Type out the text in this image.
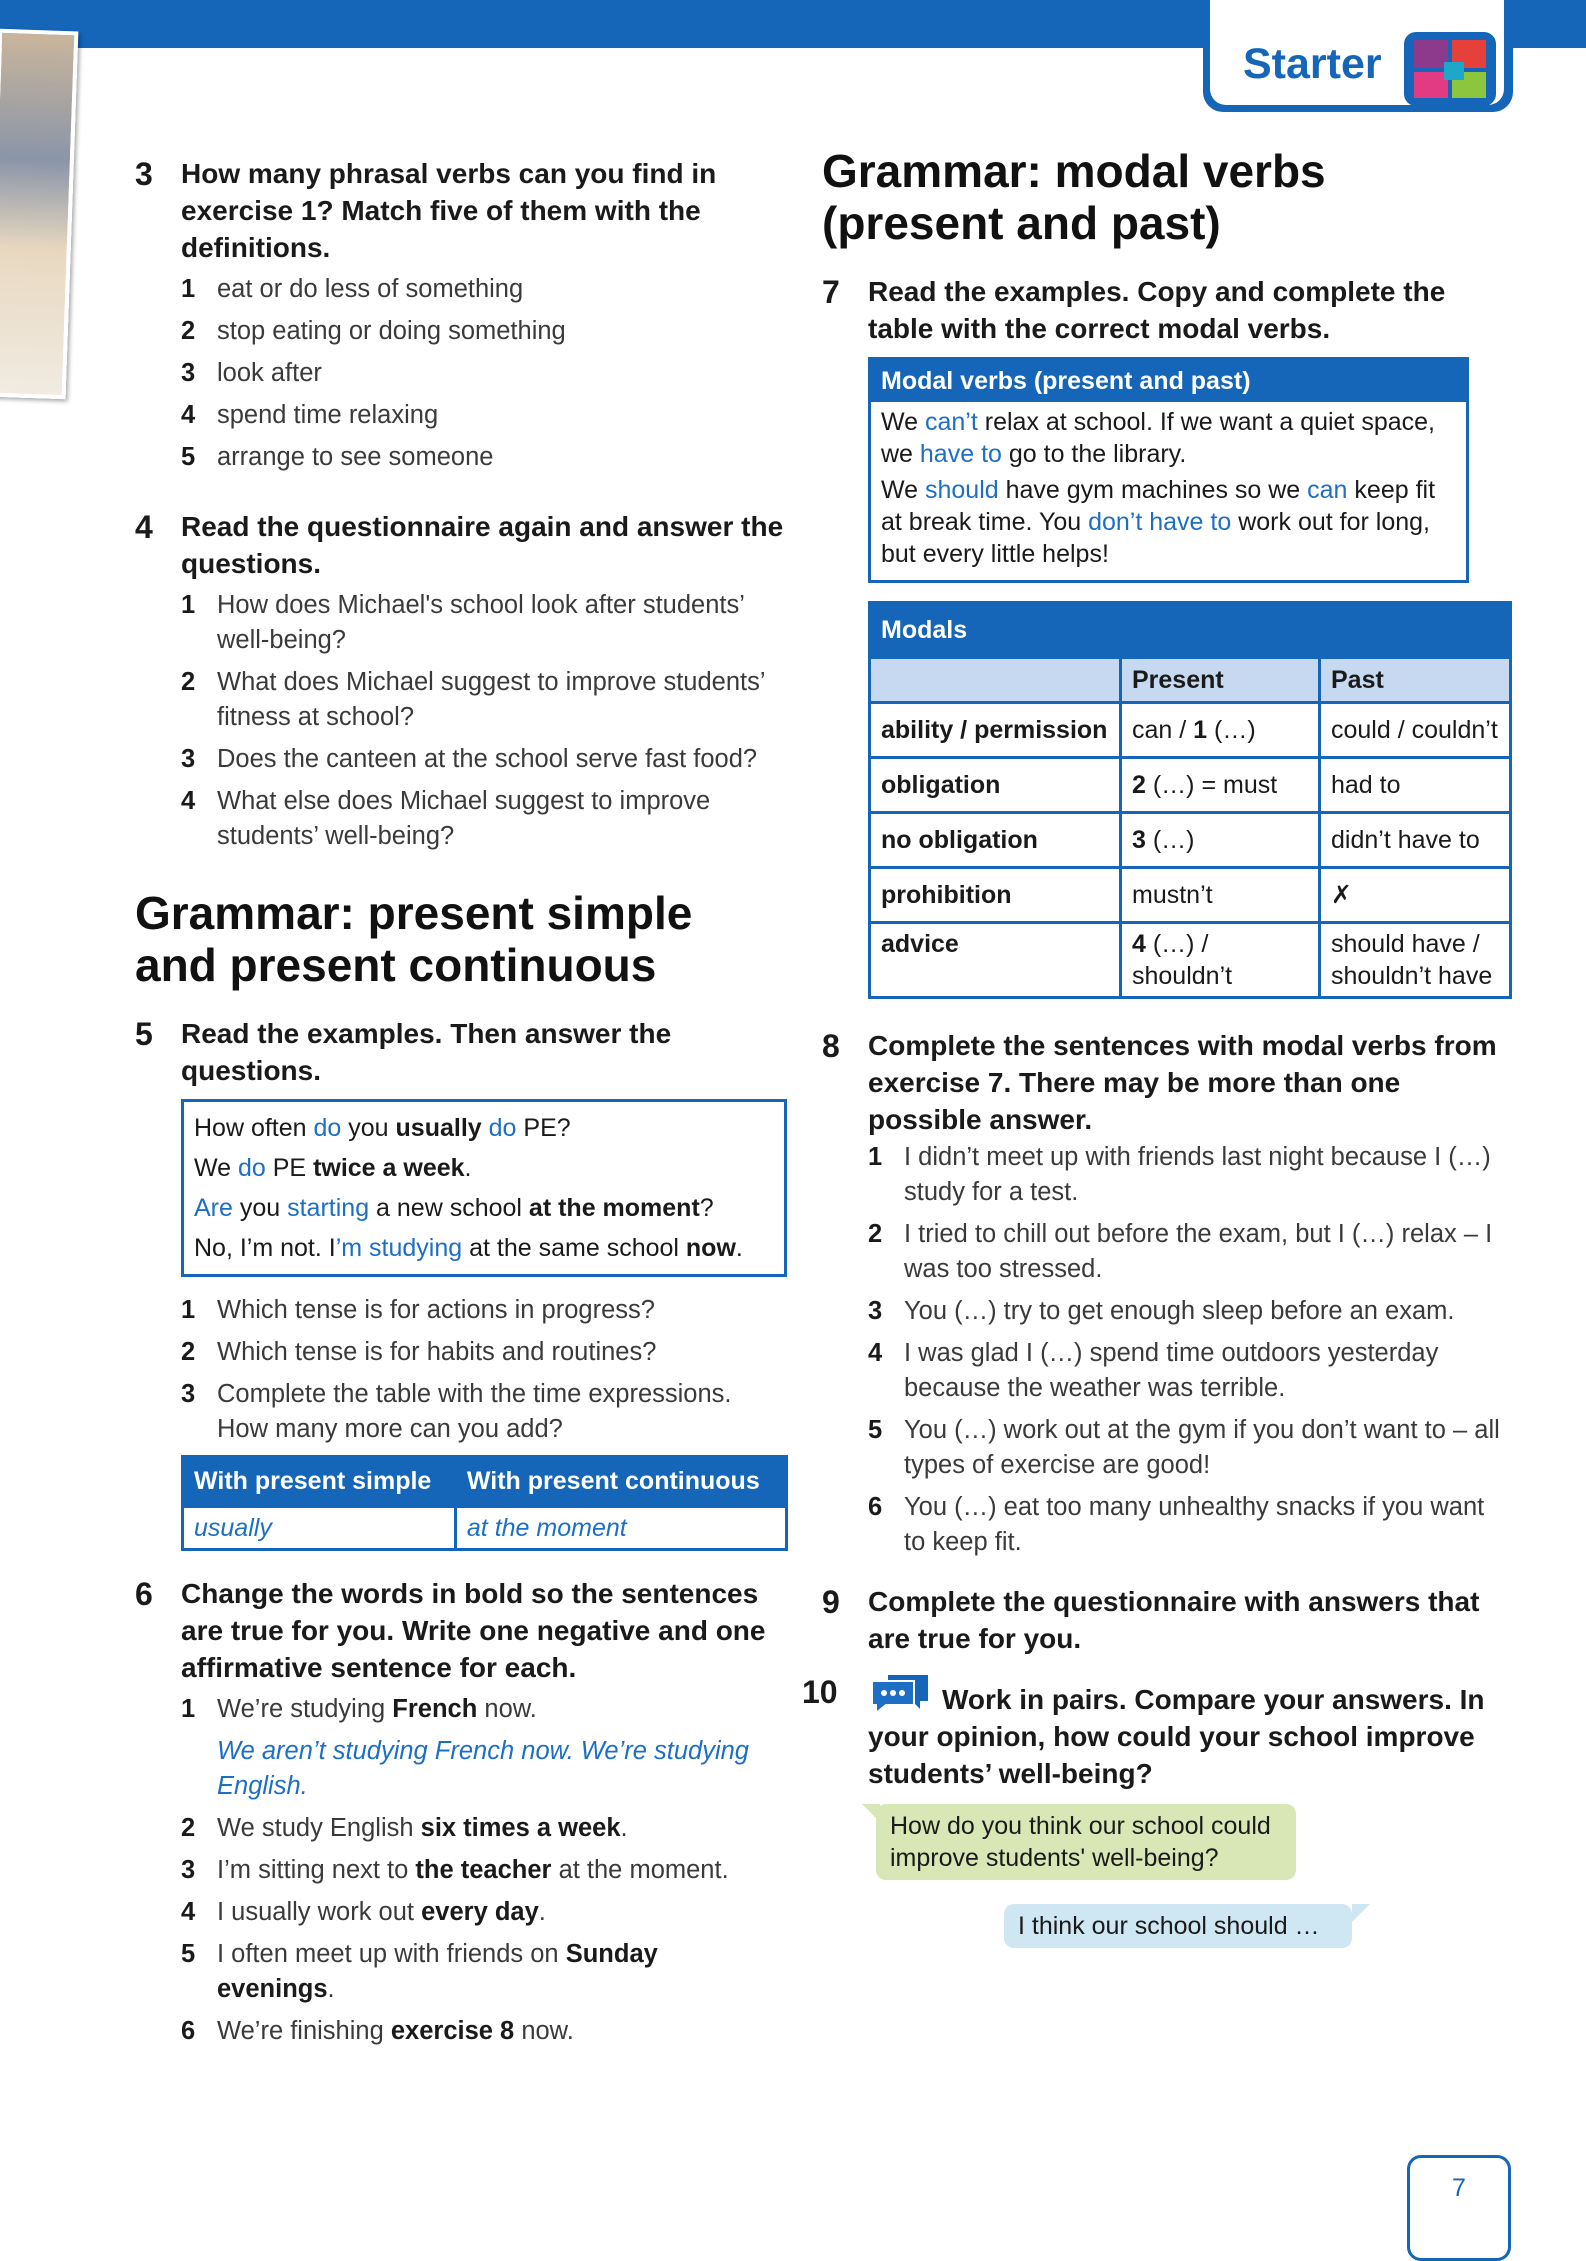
Starter
3	How many phrasal verbs can you find in exercise 1? Match five of them with the definitions.
1 eat or do less of something
2 stop eating or doing something
3 look after
4 spend time relaxing
5 arrange to see someone
4	Read the questionnaire again and answer the questions.
1 How does Michael's school look after students’ well-being?
2 What does Michael suggest to improve students’ fitness at school?
3 Does the canteen at the school serve fast food?
4 What else does Michael suggest to improve students’ well-being?
Grammar: present simple
and present continuous
5	Read the examples. Then answer the questions.
How often do you usually do PE?
We do PE twice a week.
Are you starting a new school at the moment?
No, I’m not. I’m studying at the same school now.
1 Which tense is for actions in progress?
2 Which tense is for habits and routines?
3 Complete the table with the time expressions. How many more can you add?
With present simple	With present continuous
usually	at the moment
6	Change the words in bold so the sentences are true for you. Write one negative and one affirmative sentence for each.
1 We’re studying French now.
We aren’t studying French now. We’re studying English.
2 We study English six times a week.
3 I’m sitting next to the teacher at the moment.
4 I usually work out every day.
5 I often meet up with friends on Sunday evenings.
6 We’re finishing exercise 8 now.
Grammar: modal verbs
(present and past)
7	Read the examples. Copy and complete the table with the correct modal verbs.
Modal verbs (present and past)

We can’t relax at school. If we want a quiet space, we have to go to the library.

We should have gym machines so we can keep fit at break time. You don’t have to work out for long, but every little helps!

Modals		
	Present	Past
ability / permission	can / 1 (…)	could / couldn’t
obligation	2 (…) = must	had to
no obligation	3 (…)	didn’t have to
prohibition	mustn’t	✗
advice	4 (…) / shouldn’t	should have / shouldn’t have
8	Complete the sentences with modal verbs from exercise 7. There may be more than one possible answer.
1 I didn’t meet up with friends last night because I (…) study for a test.
2 I tried to chill out before the exam, but I (…) relax – I was too stressed.
3 You (…) try to get enough sleep before an exam.
4 I was glad I (…) spend time outdoors yesterday because the weather was terrible.
5 You (…) work out at the gym if you don’t want to – all types of exercise are good!
6 You (…) eat too many unhealthy snacks if you want to keep fit.
9	Complete the questionnaire with answers that are true for you.
10	Work in pairs. Compare your answers. In your opinion, how could your school improve students’ well-being?
How do you think our school could improve students' well-being?
I think our school should …
7
